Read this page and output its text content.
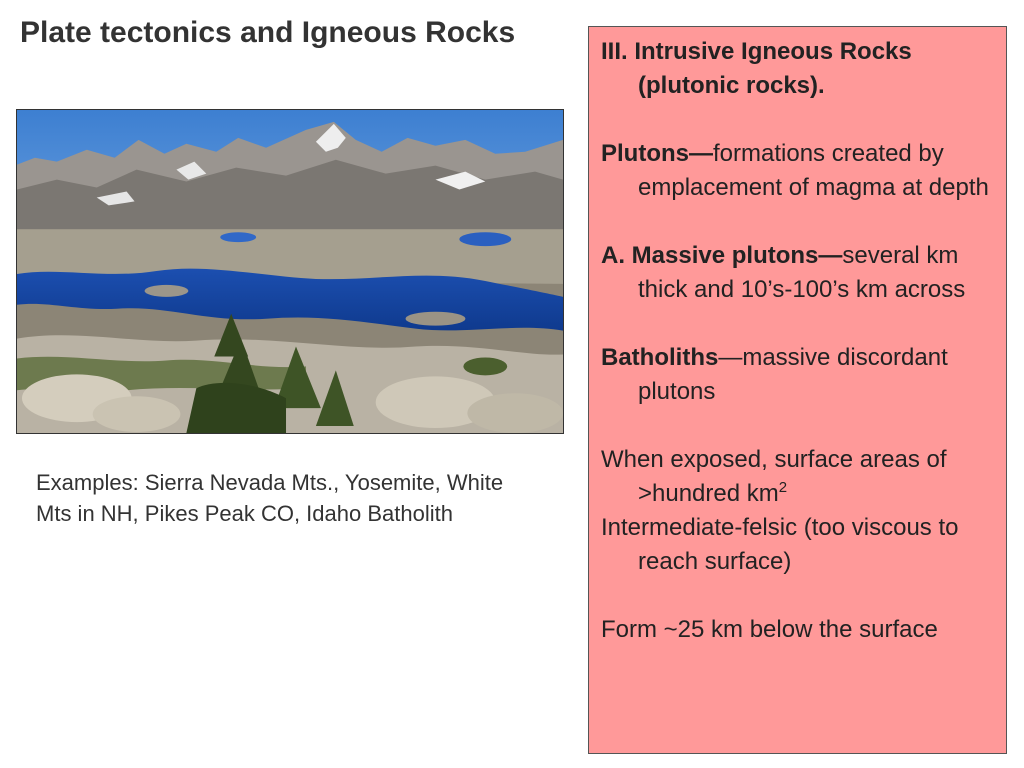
Plate tectonics and Igneous Rocks
Examples: Sierra Nevada Mts., Yosemite, White Mts in NH, Pikes Peak CO, Idaho Batholith

III. Intrusive Igneous Rocks (plutonic rocks).

Plutons—formations created by emplacement of magma at depth

A. Massive plutons—several km thick and 10’s-100’s km across

Batholiths—massive discordant plutons

When exposed, surface areas of >hundred $km^2$

Intermediate-felsic (too viscous to reach surface)

Form ~25 km below the surface
